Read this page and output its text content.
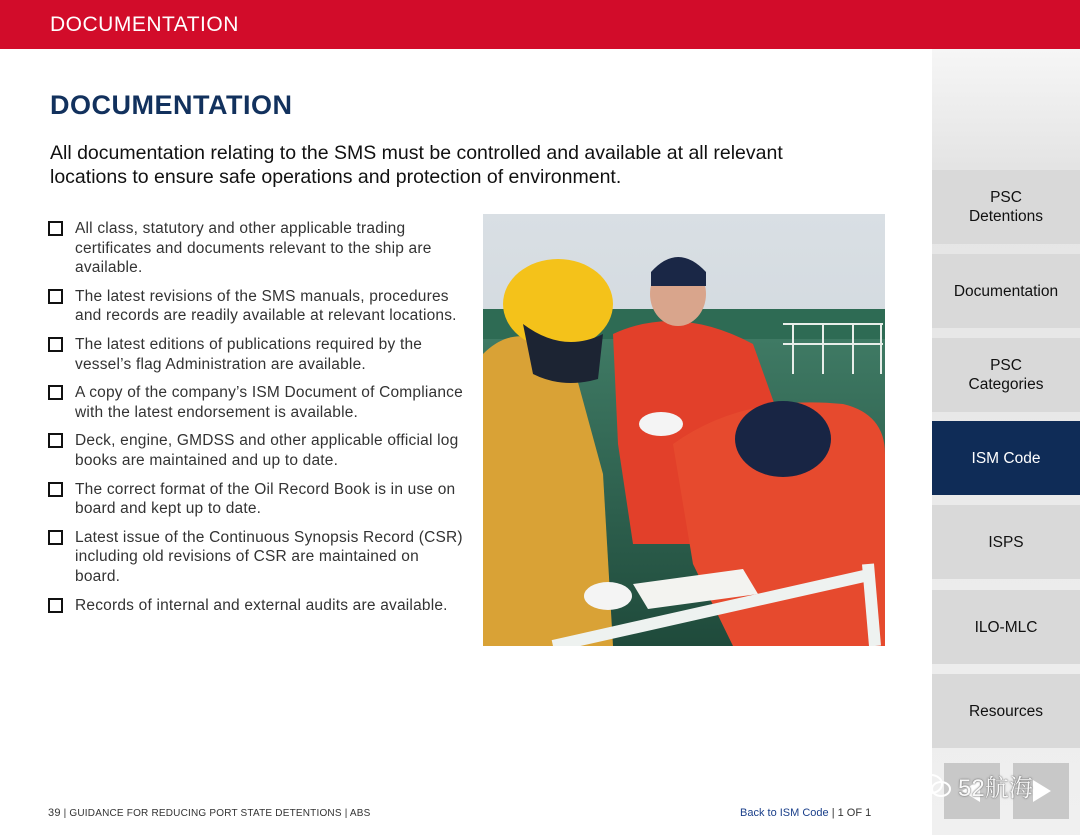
DOCUMENTATION
DOCUMENTATION
All documentation relating to the SMS must be controlled and available at all relevant locations to ensure safe operations and protection of environment.
All class, statutory and other applicable trading certificates and documents relevant to the ship are available.
The latest revisions of the SMS manuals, procedures and records are readily available at relevant locations.
The latest editions of publications required by the vessel’s flag Administration are available.
A copy of the company’s ISM Document of Compliance with the latest endorsement is available.
Deck, engine, GMDSS and other applicable official log books are maintained and up to date.
The correct format of the Oil Record Book is in use on board and kept up to date.
Latest issue of the Continuous Synopsis Record (CSR) including old revisions of CSR are maintained on board.
Records of internal and external audits are available.
PSC Detentions
Documentation
PSC Categories
ISM Code
ISPS
ILO-MLC
Resources
52航海
39 | GUIDANCE FOR REDUCING PORT STATE DETENTIONS | ABS	Back to ISM Code | 1 OF 1
